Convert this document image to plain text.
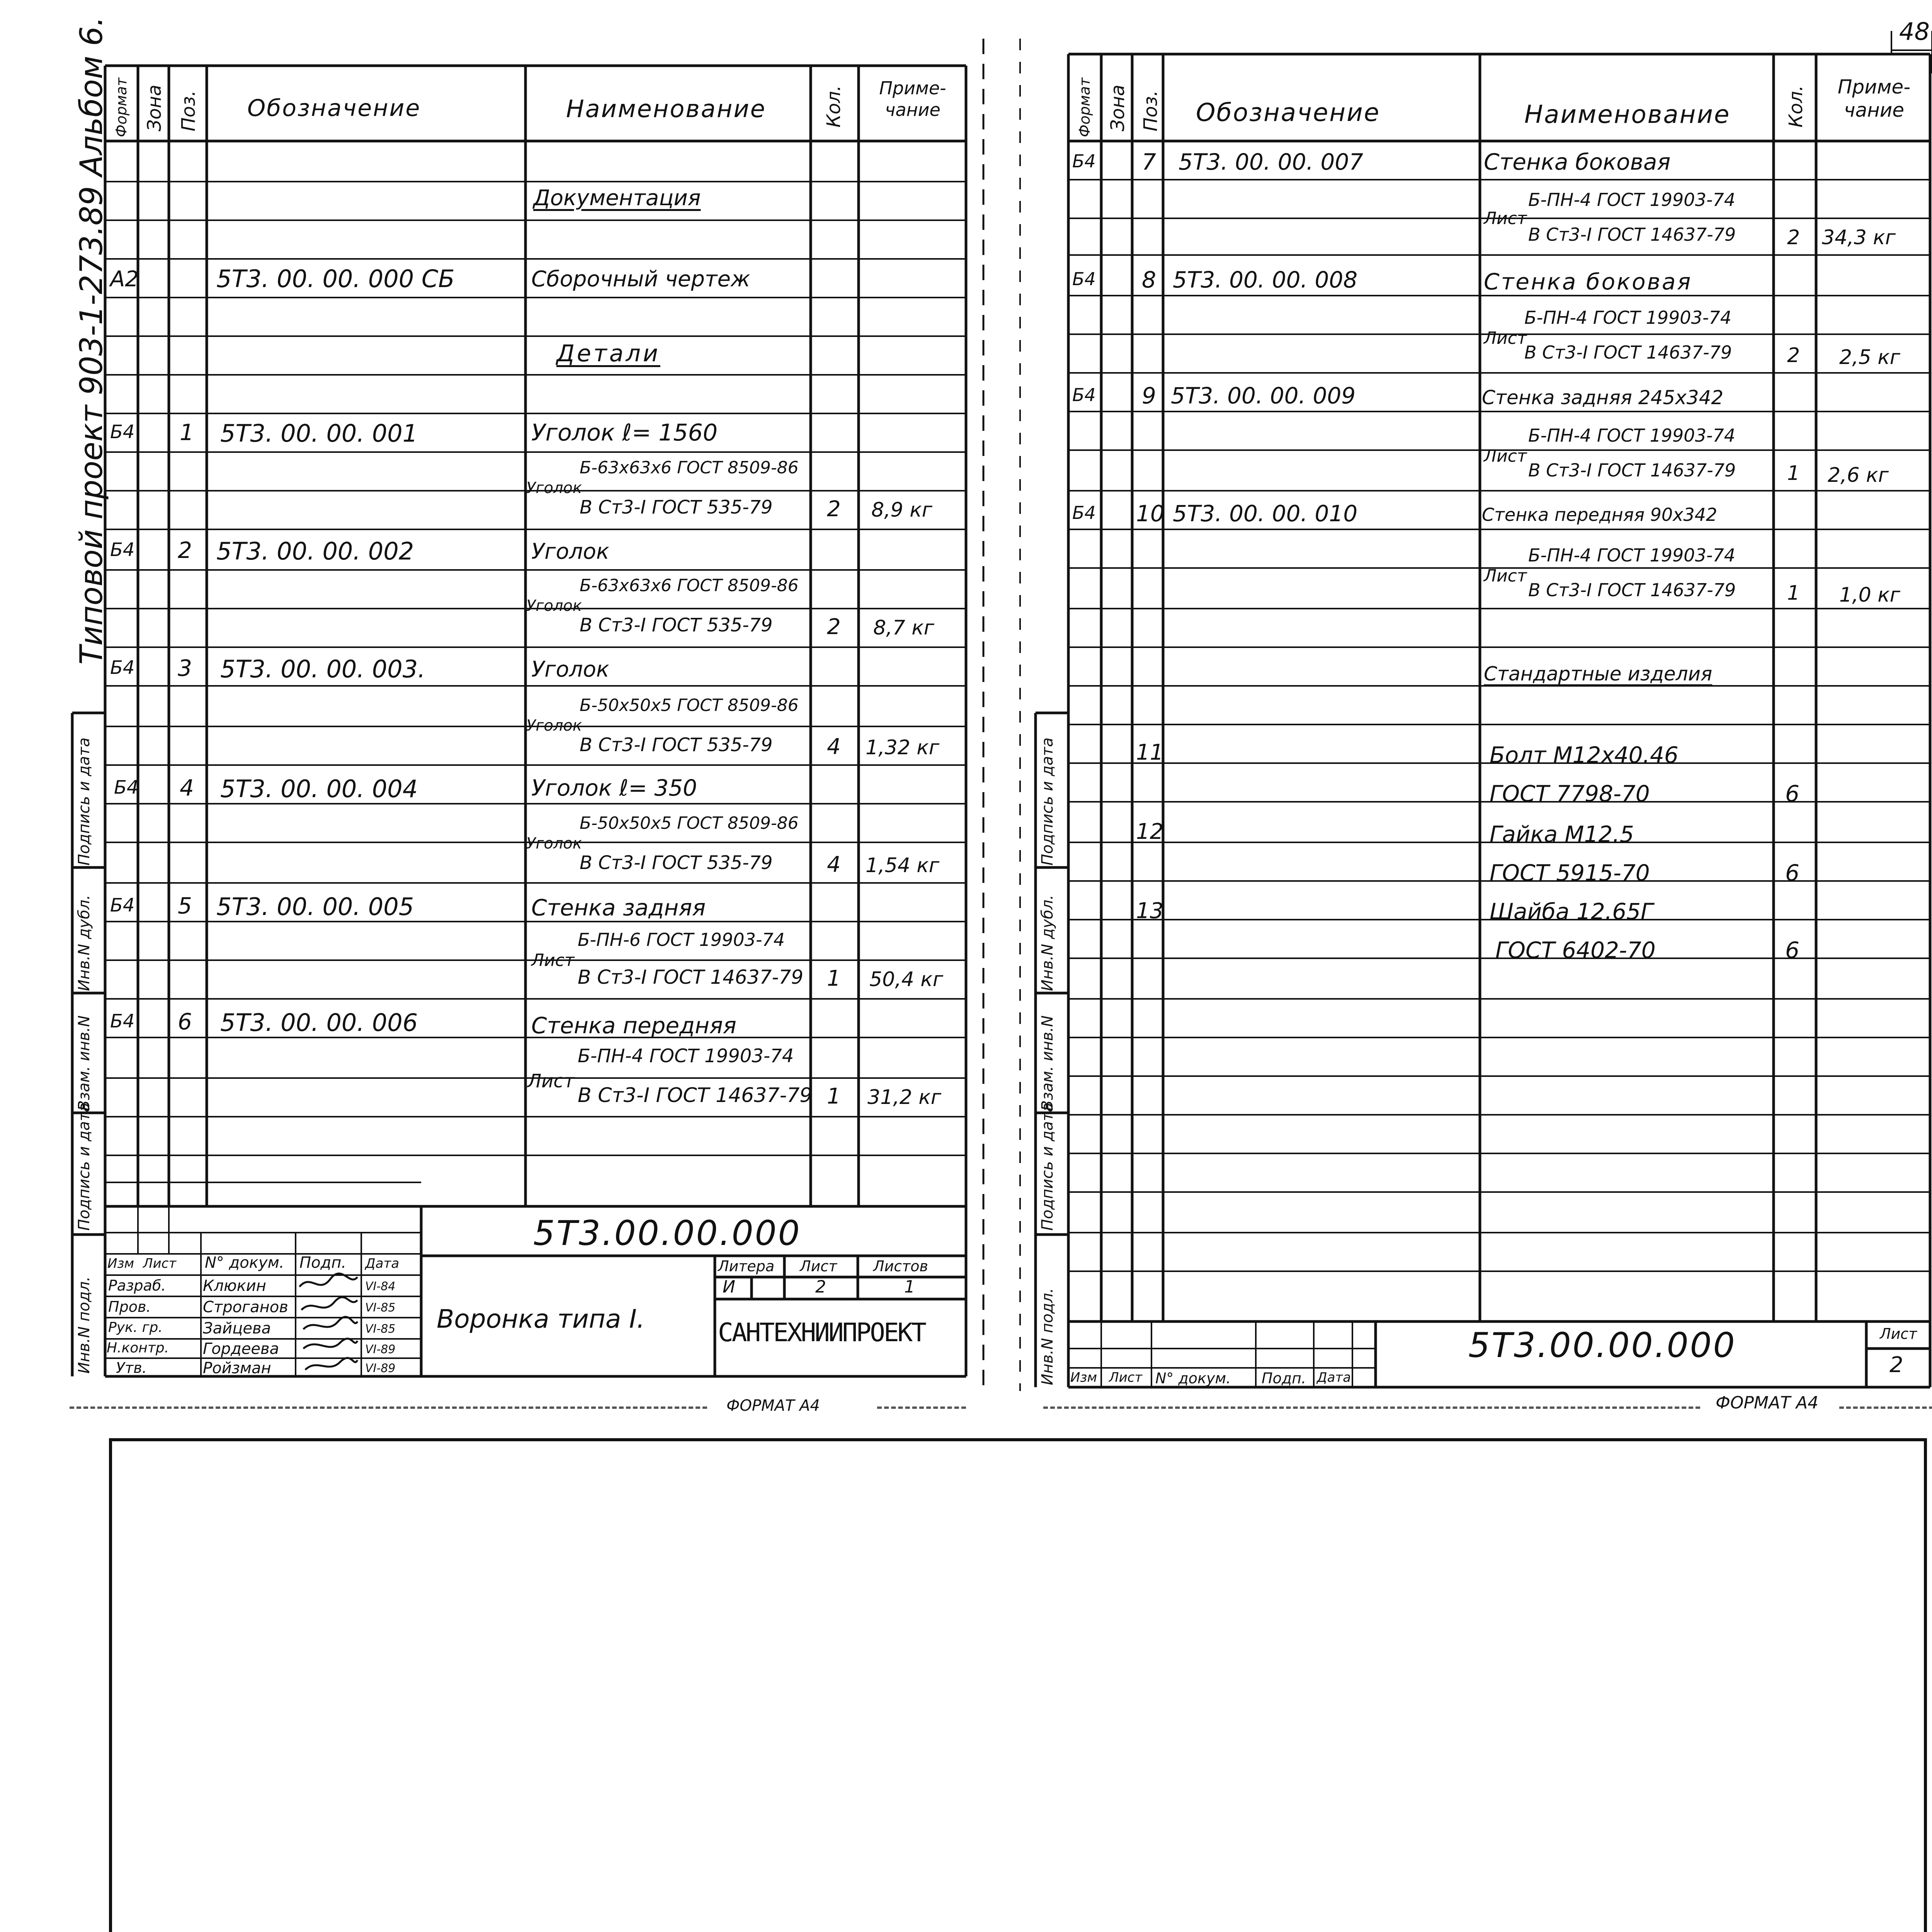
Типовой проект 903-1-273.89 Альбом 6.	48
Формат Зона Поз. Обозначение	Наименование	Кол.	Приме-чание
Документация
А2	5Т3. 00. 00. 000 СБ	Сборочный чертеж
Детали
Б4 1 5Т3. 00. 00. 001	Уголок ℓ= 1560
Уголок
Б-63х63х6 ГОСТ 8509-86
В Ст3-I ГОСТ 535-79	2 8,9 кг
Б4 2 5Т3. 00. 00. 002	Уголок
Уголок
Б-63х63х6 ГОСТ 8509-86
В Ст3-I ГОСТ 535-79	2 8,7 кг
Б4 3 5Т3. 00. 00. 003.	Уголок
Уголок
Б-50х50х5 ГОСТ 8509-86
В Ст3-I ГОСТ 535-79	4 1,32 кг
Б4 4 5Т3. 00. 00. 004	Уголок ℓ= 350
Уголок
Б-50х50х5 ГОСТ 8509-86
В Ст3-I ГОСТ 535-79	4 1,54 кг
Б4 5 5Т3. 00. 00. 005	Стенка задняя
Лист
Б-ПН-6 ГОСТ 19903-74
В Ст3-I ГОСТ 14637-79 1 50,4 кг
Б4 6 5Т3. 00. 00. 006	Стенка передняя
Лист
Б-ПН-4 ГОСТ 19903-74
В Ст3-I ГОСТ 14637-79 1 31,2 кг
Инв.N подл.
Подпись и дата
Взам. инв.N
Инв.N дубл.
Подпись и дата
5Т3.00.00.000
Воронка типа I.	САНТЕХНИИПРОЕКТ
Литера Лист Листов
И	2	1
Изм Лист N° докум. Подп. Дата
Разраб. Клюкин	VI-84
Пров.	Строганов	VI-85
Рук. гр.	Зайцева	VI-85
Н.контр. Гордеева	VI-89
Утв.	Ройзман	VI-89
ФОРМАТ А4
Формат Зона Поз. Обозначение	Наименование	Кол.	Приме-чание
Б4 7 5Т3. 00. 00. 007	Стенка боковая
Лист
Б-ПН-4 ГОСТ 19903-74
В Ст3-I ГОСТ 14637-79	2 34,3 кг
Б4 8 5Т3. 00. 00. 008	Стенка боковая
Лист
Б-ПН-4 ГОСТ 19903-74
В Ст3-I ГОСТ 14637-79	2 2,5 кг
Б4 9 5Т3. 00. 00. 009	Стенка задняя 245х342
Лист
Б-ПН-4 ГОСТ 19903-74
В Ст3-I ГОСТ 14637-79	1 2,6 кг
Б4 10 5Т3. 00. 00. 010	Стенка передняя 90х342
Лист
Б-ПН-4 ГОСТ 19903-74
В Ст3-I ГОСТ 14637-79	1 1,0 кг
Стандартные изделия
11	Болт М12х40.46
ГОСТ 7798-70	6
12	Гайка М12.5
ГОСТ 5915-70	6
13	Шайба 12.65Г
ГОСТ 6402-70	6
Инв.N подл.
Подпись и дата
Взам. инв.N
Инв.N дубл.
Подпись и дата
5Т3.00.00.000	Лист
2
Изм Лист N° докум. Подп. Дата
ФОРМАТ А4
